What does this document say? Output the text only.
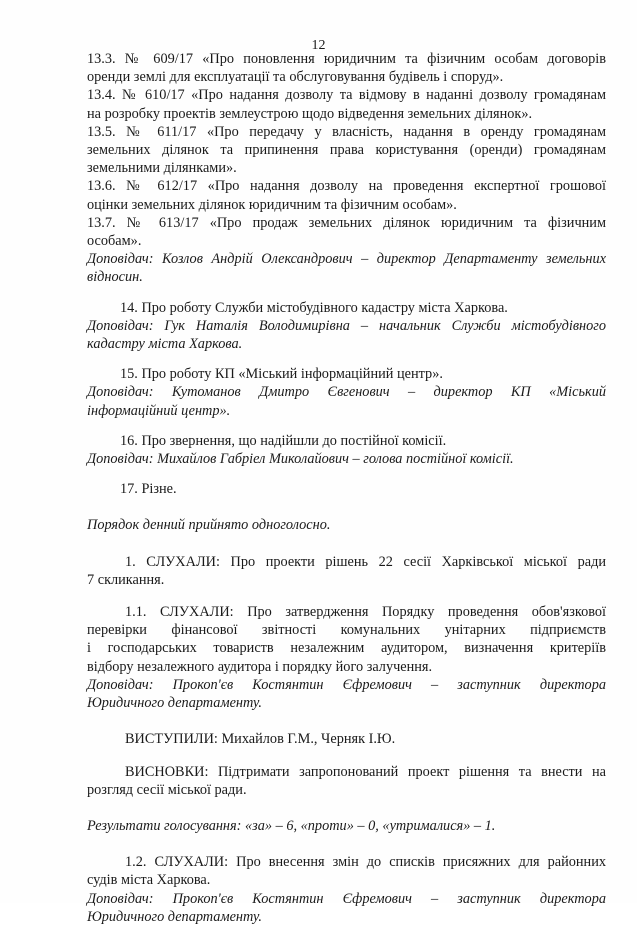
12
13.3. № 609/17 «Про поновлення юридичним та фізичним особам договорів
оренди землі для експлуатації та обслуговування будівель і споруд».
13.4. № 610/17 «Про надання дозволу та відмову в наданні дозволу громадянам
на розробку проектів землеустрою щодо відведення земельних ділянок».
13.5. № 611/17 «Про передачу у власність, надання в оренду громадянам
земельних ділянок та припинення права користування (оренди) громадянам
земельними ділянками».
13.6. № 612/17 «Про надання дозволу на проведення експертної грошової
оцінки земельних ділянок юридичним та фізичним особам».
13.7. № 613/17 «Про продаж земельних ділянок юридичним та фізичним
особам».
Доповідач: Козлов Андрій Олександрович – директор Департаменту земельних
відносин.
14. Про роботу Служби містобудівного кадастру міста Харкова.
Доповідач: Гук Наталія Володимирівна – начальник Служби містобудівного
кадастру міста Харкова.
15. Про роботу КП «Міський інформаційний центр».
Доповідач: Кутоманов Дмитро Євгенович – директор КП «Міський
інформаційний центр».
16. Про звернення, що надійшли до постійної комісії.
Доповідач: Михайлов Габріел Миколайович – голова постійної комісії.
17. Різне.
Порядок денний прийнято одноголосно.
1. СЛУХАЛИ: Про проекти рішень 22 сесії Харківської міської ради
7 скликання.
1.1. СЛУХАЛИ: Про затвердження Порядку проведення обов'язкової
перевірки фінансової звітності комунальних унітарних підприємств
і господарських товариств незалежним аудитором, визначення критеріїв
відбору незалежного аудитора і порядку його залучення.
Доповідач: Прокоп'єв Костянтин Єфремович – заступник директора
Юридичного департаменту.
ВИСТУПИЛИ: Михайлов Г.М., Черняк І.Ю.
ВИСНОВКИ: Підтримати запропонований проект рішення та внести на
розгляд сесії міської ради.
Результати голосування: «за» – 6, «проти» – 0, «утрималися» – 1.
1.2. СЛУХАЛИ: Про внесення змін до списків присяжних для районних
судів міста Харкова.
Доповідач: Прокоп'єв Костянтин Єфремович – заступник директора
Юридичного департаменту.
